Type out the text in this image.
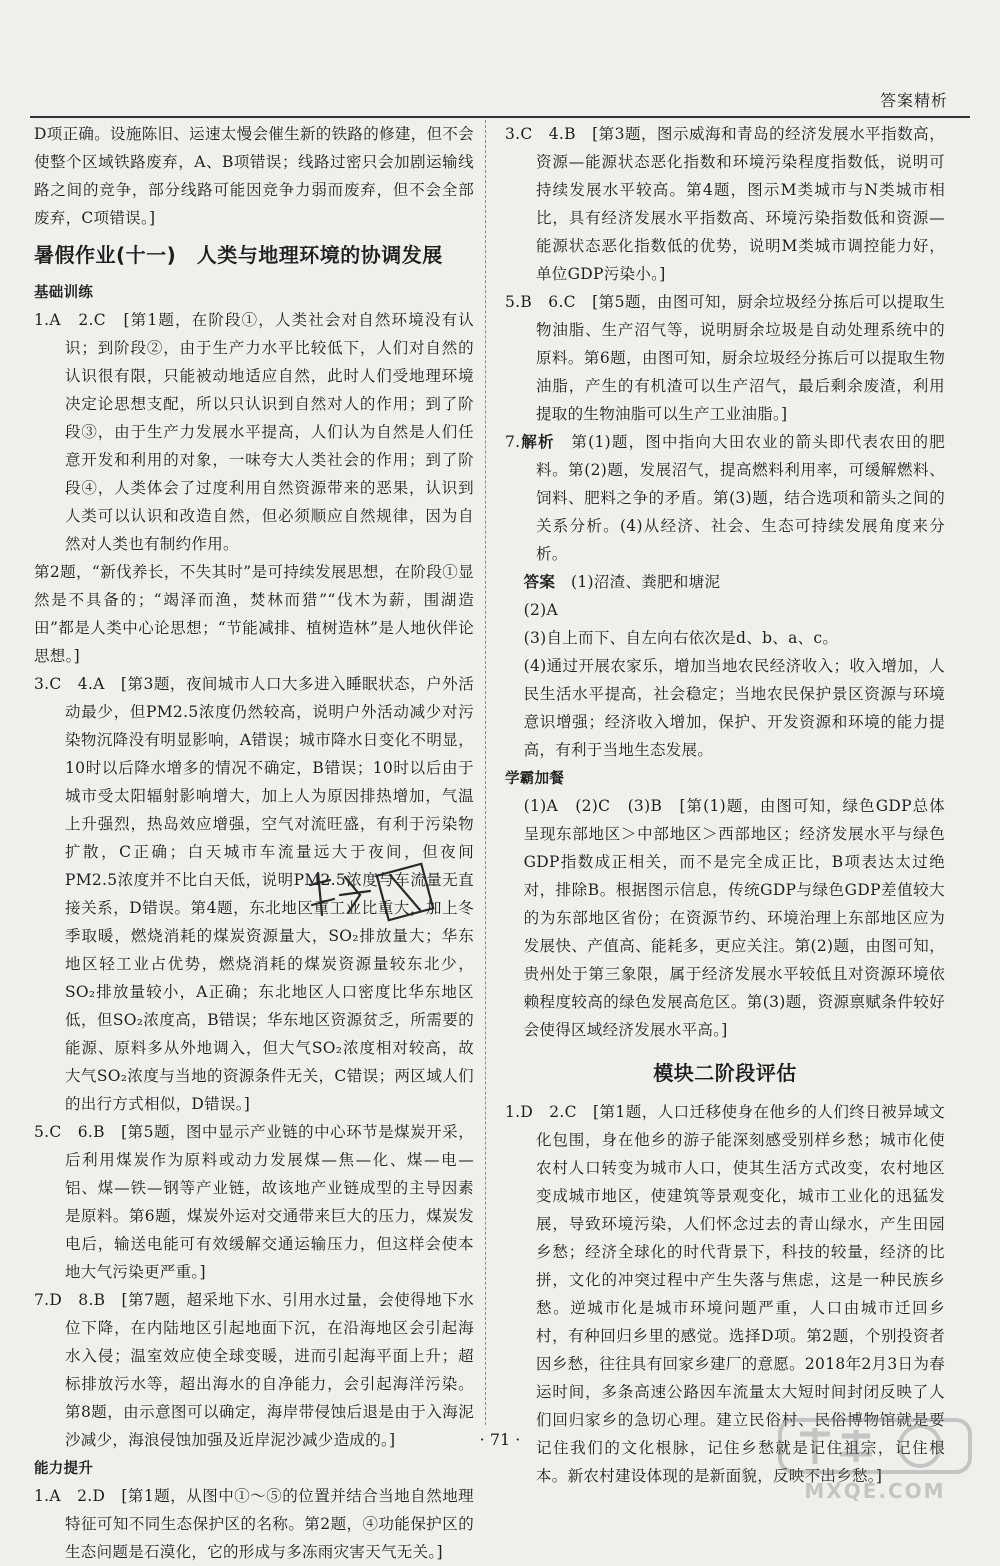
答案精析

D项正确。设施陈旧、运速太慢会催生新的铁路的修建，但不会使整个区域铁路废弃，A、B项错误；线路过密只会加剧运输线路之间的竞争，部分线路可能因竞争力弱而废弃，但不会全部废弃，C项错误。]

暑假作业(十一)　人类与地理环境的协调发展
基础训练

1.A　2.C　[第1题，在阶段①，人类社会对自然环境没有认识；到阶段②，由于生产力水平比较低下，人们对自然的认识很有限，只能被动地适应自然，此时人们受地理环境决定论思想支配，所以只认识到自然对人的作用；到了阶段③，由于生产力发展水平提高，人们认为自然是人们任意开发和利用的对象，一味夸大人类社会的作用；到了阶段④，人类体会了过度利用自然资源带来的恶果，认识到人类可以认识和改造自然，但必须顺应自然规律，因为自然对人类也有制约作用。

第2题，“新伐养长，不失其时”是可持续发展思想，在阶段①显然是不具备的；“竭泽而渔，焚林而猎”“伐木为薪，围湖造田”都是人类中心论思想；“节能减排、植树造林”是人地伙伴论思想。]

3.C　4.A　[第3题，夜间城市人口大多进入睡眠状态，户外活动最少，但PM2.5浓度仍然较高，说明户外活动减少对污染物沉降没有明显影响，A错误；城市降水日变化不明显，10时以后降水增多的情况不确定，B错误；10时以后由于城市受太阳辐射影响增大，加上人为原因排热增加，气温上升强烈，热岛效应增强，空气对流旺盛，有利于污染物扩散，C正确；白天城市车流量远大于夜间，但夜间PM2.5浓度并不比白天低，说明PM2.5浓度与车流量无直接关系，D错误。第4题，东北地区重工业比重大，加上冬季取暖，燃烧消耗的煤炭资源量大，SO₂排放量大；华东地区轻工业占优势，燃烧消耗的煤炭资源量较东北少，SO₂排放量较小，A正确；东北地区人口密度比华东地区低，但SO₂浓度高，B错误；华东地区资源贫乏，所需要的能源、原料多从外地调入，但大气SO₂浓度相对较高，故大气SO₂浓度与当地的资源条件无关，C错误；两区域人们的出行方式相似，D错误。]

5.C　6.B　[第5题，图中显示产业链的中心环节是煤炭开采，后利用煤炭作为原料或动力发展煤—焦—化、煤—电—铝、煤—铁—钢等产业链，故该地产业链成型的主导因素是原料。第6题，煤炭外运对交通带来巨大的压力，煤炭发电后，输送电能可有效缓解交通运输压力，但这样会使本地大气污染更严重。]

7.D　8.B　[第7题，超采地下水、引用水过量，会使得地下水位下降，在内陆地区引起地面下沉，在沿海地区会引起海水入侵；温室效应使全球变暖，进而引起海平面上升；超标排放污水等，超出海水的自净能力，会引起海洋污染。第8题，由示意图可以确定，海岸带侵蚀后退是由于入海泥沙减少，海浪侵蚀加强及近岸泥沙减少造成的。]

能力提升

1.A　2.D　[第1题，从图中①～⑤的位置并结合当地自然地理特征可知不同生态保护区的名称。第2题，④功能保护区的生态问题是石漠化，它的形成与多冻雨灾害天气无关。]

3.C　4.B　[第3题，图示威海和青岛的经济发展水平指数高，资源—能源状态恶化指数和环境污染程度指数低，说明可持续发展水平较高。第4题，图示M类城市与N类城市相比，具有经济发展水平指数高、环境污染指数低和资源—能源状态恶化指数低的优势，说明M类城市调控能力好，单位GDP污染小。]

5.B　6.C　[第5题，由图可知，厨余垃圾经分拣后可以提取生物油脂、生产沼气等，说明厨余垃圾是自动处理系统中的原料。第6题，由图可知，厨余垃圾经分拣后可以提取生物油脂，产生的有机渣可以生产沼气，最后剩余废渣，利用提取的生物油脂可以生产工业油脂。]

7.解析　第(1)题，图中指向大田农业的箭头即代表农田的肥料。第(2)题，发展沼气，提高燃料利用率，可缓解燃料、饲料、肥料之争的矛盾。第(3)题，结合选项和箭头之间的关系分析。(4)从经济、社会、生态可持续发展角度来分析。

答案　(1)沼渣、粪肥和塘泥

(2)A

(3)自上而下、自左向右依次是d、b、a、c。

(4)通过开展农家乐，增加当地农民经济收入；收入增加，人民生活水平提高，社会稳定；当地农民保护景区资源与环境意识增强；经济收入增加，保护、开发资源和环境的能力提高，有利于当地生态发展。

学霸加餐

(1)A　(2)C　(3)B　[第(1)题，由图可知，绿色GDP总体呈现东部地区＞中部地区＞西部地区；经济发展水平与绿色GDP指数成正相关，而不是完全成正比，B项表达太过绝对，排除B。根据图示信息，传统GDP与绿色GDP差值较大的为东部地区省份；在资源节约、环境治理上东部地区应为发展快、产值高、能耗多，更应关注。第(2)题，由图可知，贵州处于第三象限，属于经济发展水平较低且对资源环境依赖程度较高的绿色发展高危区。第(3)题，资源禀赋条件较好会使得区域经济发展水平高。]

模块二阶段评估

1.D　2.C　[第1题，人口迁移使身在他乡的人们终日被异域文化包围，身在他乡的游子能深刻感受别样乡愁；城市化使农村人口转变为城市人口，使其生活方式改变，农村地区变成城市地区，使建筑等景观变化，城市工业化的迅猛发展，导致环境污染，人们怀念过去的青山绿水，产生田园乡愁；经济全球化的时代背景下，科技的较量，经济的比拼，文化的冲突过程中产生失落与焦虑，这是一种民族乡愁。逆城市化是城市环境问题严重，人口由城市迁回乡村，有种回归乡里的感觉。选择D项。第2题，个别投资者因乡愁，往往具有回家乡建厂的意愿。2018年2月3日为春运时间，多条高速公路因车流量太大短时间封闭反映了人们回归家乡的急切心理。建立民俗村、民俗博物馆就是要记住我们的文化根脉，记住乡愁就是记住祖宗，记住根本。新农村建设体现的是新面貌，反映不出乡愁。]

· 71 ·
MXQE.COM
